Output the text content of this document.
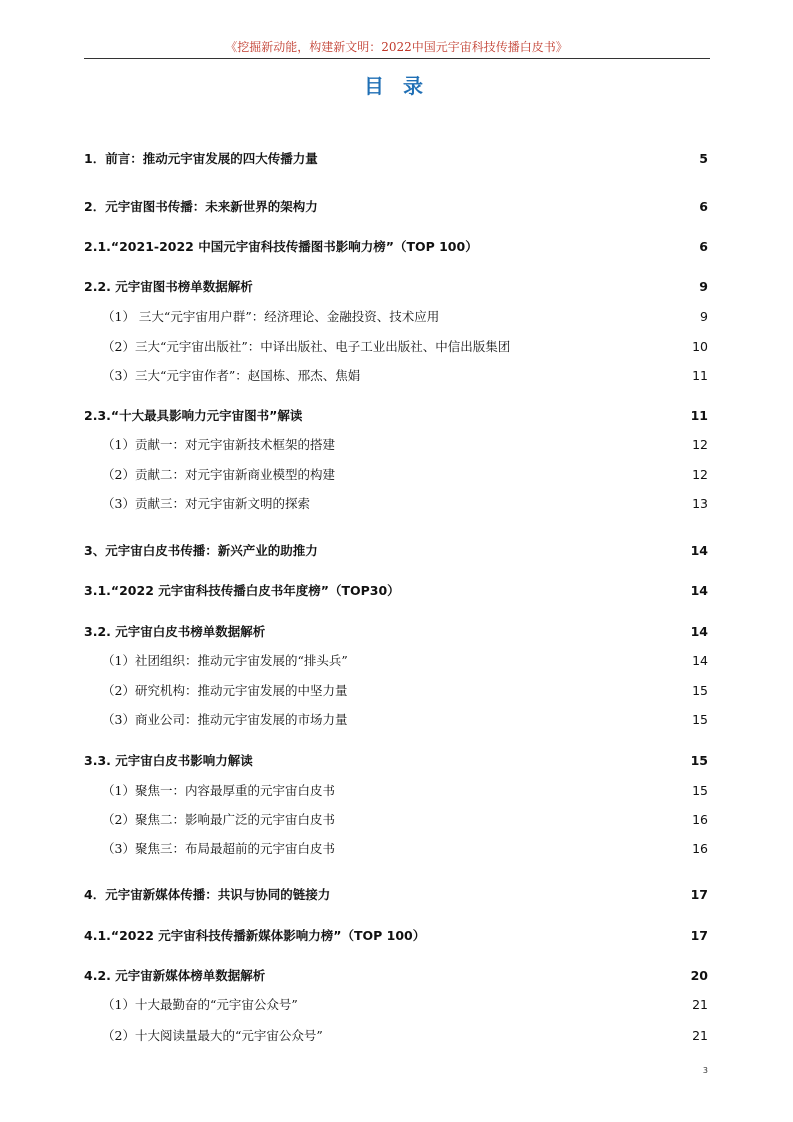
《挖掘新动能，构建新文明：2022中国元宇宙科技传播白皮书》
目 录
1．前言：推动元宇宙发展的四大传播力量	5
2．元宇宙图书传播：未来新世界的架构力	6
2.1.“2021-2022 中国元宇宙科技传播图书影响力榜”（TOP 100）	6
2.2. 元宇宙图书榜单数据解析	9
（1） 三大“元宇宙用户群”：经济理论、金融投资、技术应用	9
（2）三大“元宇宙出版社”：中译出版社、电子工业出版社、中信出版集团	10
（3）三大“元宇宙作者”：赵国栋、邢杰、焦娟	11
2.3.“十大最具影响力元宇宙图书”解读	11
（1）贡献一：对元宇宙新技术框架的搭建	12
（2）贡献二：对元宇宙新商业模型的构建	12
（3）贡献三：对元宇宙新文明的探索	13
3、元宇宙白皮书传播：新兴产业的助推力	14
3.1.“2022 元宇宙科技传播白皮书年度榜”（TOP30）	14
3.2. 元宇宙白皮书榜单数据解析	14
（1）社团组织：推动元宇宙发展的“排头兵”	14
（2）研究机构：推动元宇宙发展的中坚力量	15
（3）商业公司：推动元宇宙发展的市场力量	15
3.3. 元宇宙白皮书影响力解读	15
（1）聚焦一：内容最厚重的元宇宙白皮书	15
（2）聚焦二：影响最广泛的元宇宙白皮书	16
（3）聚焦三：布局最超前的元宇宙白皮书	16
4．元宇宙新媒体传播：共识与协同的链接力	17
4.1.“2022 元宇宙科技传播新媒体影响力榜”（TOP 100）	17
4.2. 元宇宙新媒体榜单数据解析	20
（1）十大最勤奋的“元宇宙公众号”	21
（2）十大阅读量最大的“元宇宙公众号”	21
3
